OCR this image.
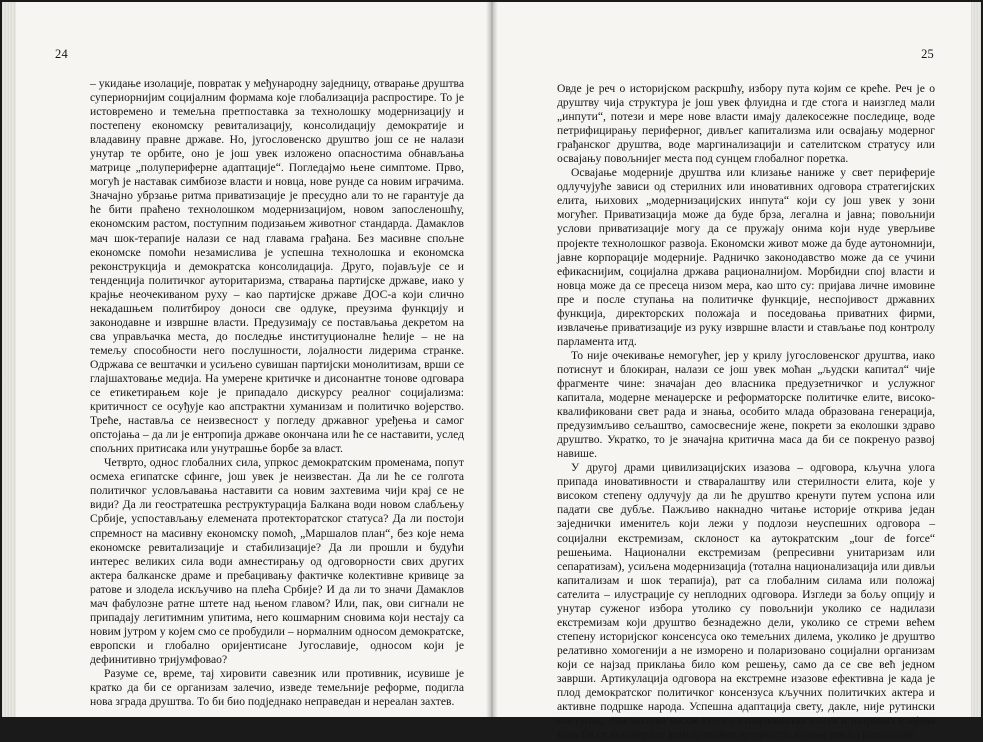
24

– укидање изолације, повратак у међународну заједницу, отварање друштва супериорнијим социјалним формама које глобализација распростире. То је истовремено и темељна претпоставка за технолошку модернизацију и постепену економску ревитализацију, консолидацију демократије и владавину правне државе. Но, југословенско друштво још се не налази унутар те орбите, оно је још увек изложено опасностима обнављања матрице „полупериферне адаптације“. Погледајмо њене симптоме. Прво, могућ је наставак симбиозе власти и новца, нове рунде са новим играчима. Значајно убрзање ритма приватизације је пресудно али то не гарантује да ће бити праћено технолошком модернизацијом, новом запосленошћу, економским растом, поступним подизањем животног стандарда. Дамаклов мач шок-терапије налази се над главама грађана. Без масивне спољне економске помоћи незамислива је успешна технолошка и економска реконструкција и демократска консолидација. Друго, појављује се и тенденција политичког ауторитаризма, стварања партијске државе, иако у крајње неочекиваном руху – као партијске државе ДОС-а који слично некадашњем политбироу доноси све одлуке, преузима функцију и законодавне и извршне власти. Предузимају се постављања декретом на сва управљачка места, до последње институционалне ћелије – не на темељу способности него послушности, лојалности лидерима странке. Одржава се вештачки и усиљено сувишан партијски монолитизам, врши се глајшахтовање медија. На умерене критичке и дисонантне тонове одговара се етикетирањем које је припадало дискурсу реалног социјализма: критичност се осуђује као апстрактни хуманизам и политичко војерство. Треће, наставља се неизвесност у погледу државног уређења и самог опстојања – да ли је ентропија државе окончана или ће се наставити, услед спољних притисака или унутрашње борбе за власт.

Четврто, однос глобалних сила, упркос демократским променама, попут осмеха египатске сфинге, још увек је неизвестан. Да ли ће се голгота политичког условљавања наставити са новим захтевима чији крај се не види? Да ли геостратешка реструктурација Балкана води новом слабљењу Србије, успостављању елемената протекторатског статуса? Да ли постоји спремност на масивну економску помоћ, „Маршалов план“, без које нема економске ревитализације и стабилизације? Да ли прошли и будући интерес великих сила води амнестирању од одговорности свих других актера балканске драме и пребацивању фактичке колективне кривице за ратове и злодела искључиво на плећа Србије? И да ли то значи Дамаклов мач фабулозне ратне штете над њеном главом? Или, пак, ови сигнали не припадају легитимним упитима, него кошмарним сновима који нестају са новим јутром у којем смо се пробудили – нормалним односом демократске, европски и глобално оријентисане Југославије, односом који је дефинитивно тријумфовао?

Разуме се, време, тај хировити савезник или противник, исувише је кратко да би се организам залечио, изведе темељније реформе, подигла нова зграда друштва. То би био подједнако неправедан и нереалан захтев.

25

Овде је реч о историјском раскршћу, избору пута којим се креће. Реч је о друштву чија структура је још увек флуидна и где стога и наизглед мали „инпути“, потези и мере нове власти имају далекосежне последице, воде петрифицирању периферног, дивљег капитализма или освајању модерног грађанског друштва, воде маргинализацији и сателитском стратусу или освајању повољнијег места под сунцем глобалног поретка.

Освајање модерније друштва или клизање наниже у свет периферије одлучујуће зависи од стерилних или иновативних одговора стратегијских елита, њихових „модернизацијских инпута“ који су још увек у зони могућег. Приватизација може да буде брза, легална и јавна; повољнији услови приватизације могу да се пружају онима који нуде уверљиве пројекте технолошког развоја. Економски живот може да буде аутономнији, јавне корпорације модерније. Радничко законодавство може да се учини ефикаснијим, социјална држава рационалнијом. Морбидни спој власти и новца може да се пресеца низом мера, као што су: пријава личне имовине пре и после ступања на политичке функције, неспојивост државних функција, директорских положаја и поседовања приватних фирми, извлачење приватизације из руку извршне власти и стављање под контролу парламента итд.

То није очекивање немогућег, јер у крилу југословенског друштва, иако потиснут и блокиран, налази се још увек моћан „људски капитал“ чије фрагменте чине: значајан део власника предузетничког и услужног капитала, модерне менаџерске и реформаторске политичке елите, високо-квалификовани свет рада и знања, особито млада образована генерација, предузимљиво сељаштво, самосвесније жене, покрети за еколошки здраво друштво. Укратко, то је значајна критична маса да би се покренуо развој навише.

У другој драми цивилизацијских изазова – одговора, кључна улога припада иновативности и стваралаштву или стерилности елита, које у високом степену одлучују да ли ће друштво кренути путем успона или падати све дубље. Пажљиво накнадно читање историје открива један заједнички именитељ који лежи у подлози неуспешних одговора – социјални екстремизам, склоност ка аутократским „tour de force“ решењима. Национални екстремизам (репресивни унитаризам или сепаратизам), усиљена модернизација (тотална национализација или дивљи капитализам и шок терапија), рат са глобалним силама или положај сателита – илустрације су неплодних одговора. Изгледи за бољу опцију и унутар суженог избора утолико су повољнији уколико се надилази екстремизам који друштво безнадежно дели, уколико се стреми већем степену историјског консенсуса око темељних дилема, уколико је друштво релативно хомогенији а не изморено и поларизовано социјални организам који се најзад приклања било ком решењу, само да се све већ једном заврши. Артикулација одговора на екстремне изазове ефективна је када је плод демократског политичког консензуса кључних политичких актера и активне подршке народа. Успешна адаптација свету, дакле, није рутински поступак, она захтева висок степен стваралаштва елита и широких слојева како би се активирале компаративне предности којима земља располаже.
